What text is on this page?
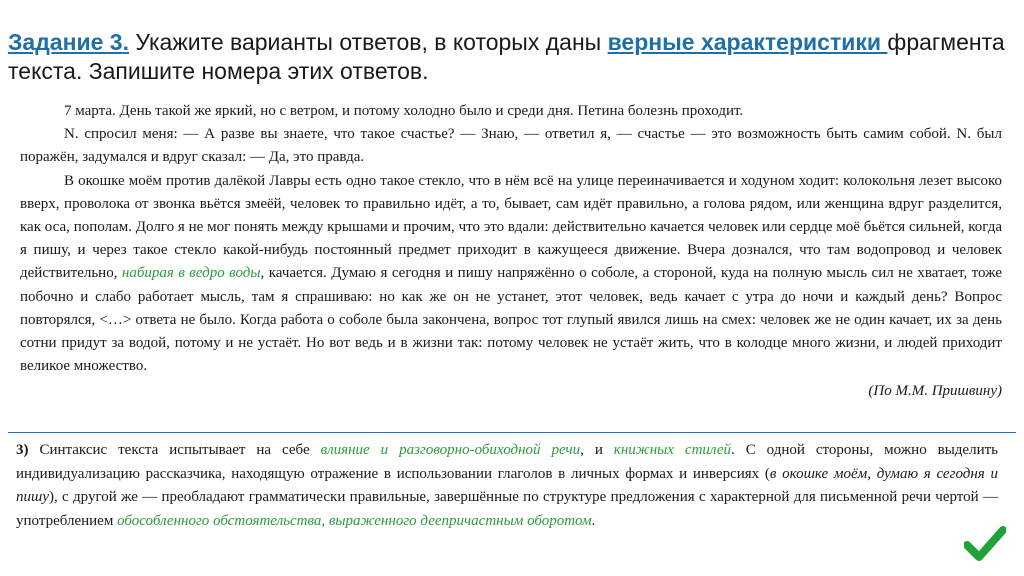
Задание 3. Укажите варианты ответов, в которых даны верные характеристики фрагмента текста. Запишите номера этих ответов.

7 марта. День такой же яркий, но с ветром, и потому холодно было и среди дня. Петина болезнь проходит.

N. спросил меня: — А разве вы знаете, что такое счастье? — Знаю, — ответил я, — счастье — это возможность быть самим собой. N. был поражён, задумался и вдруг сказал: — Да, это правда.

В окошке моём против далёкой Лавры есть одно такое стекло, что в нём всё на улице переиначивается и ходуном ходит: колокольня лезет высоко вверх, проволока от звонка вьётся змеёй, человек то правильно идёт, а то, бывает, сам идёт правильно, а голова рядом, или женщина вдруг разделится, как оса, пополам. Долго я не мог понять между крышами и прочим, что это вдали: действительно качается человек или сердце моё бьётся сильней, когда я пишу, и через такое стекло какой-нибудь постоянный предмет приходит в кажущееся движение. Вчера дознался, что там водопровод и человек действительно, набирая в ведро воды, качается. Думаю я сегодня и пишу напряжённо о соболе, а стороной, куда на полную мысль сил не хватает, тоже побочно и слабо работает мысль, там я спрашиваю: но как же он не устанет, этот человек, ведь качает с утра до ночи и каждый день? Вопрос повторялся, <…> ответа не было. Когда работа о соболе была закончена, вопрос тот глупый явился лишь на смех: человек же не один качает, их за день сотни придут за водой, потому и не устаёт. Но вот ведь и в жизни так: потому человек не устаёт жить, что в колодце много жизни, и людей приходит великое множество.

(По М.М. Пришвину)
3) Синтаксис текста испытывает на себе влияние и разговорно-обиходной речи, и книжных стилей. С одной стороны, можно выделить индивидуализацию рассказчика, находящую отражение в использовании глаголов в личных формах и инверсиях (в окошке моём, думаю я сегодня и пишу), с другой же — преобладают грамматически правильные, завершённые по структуре предложения с характерной для письменной речи чертой — употреблением обособленного обстоятельства, выраженного деепричастным оборотом.
